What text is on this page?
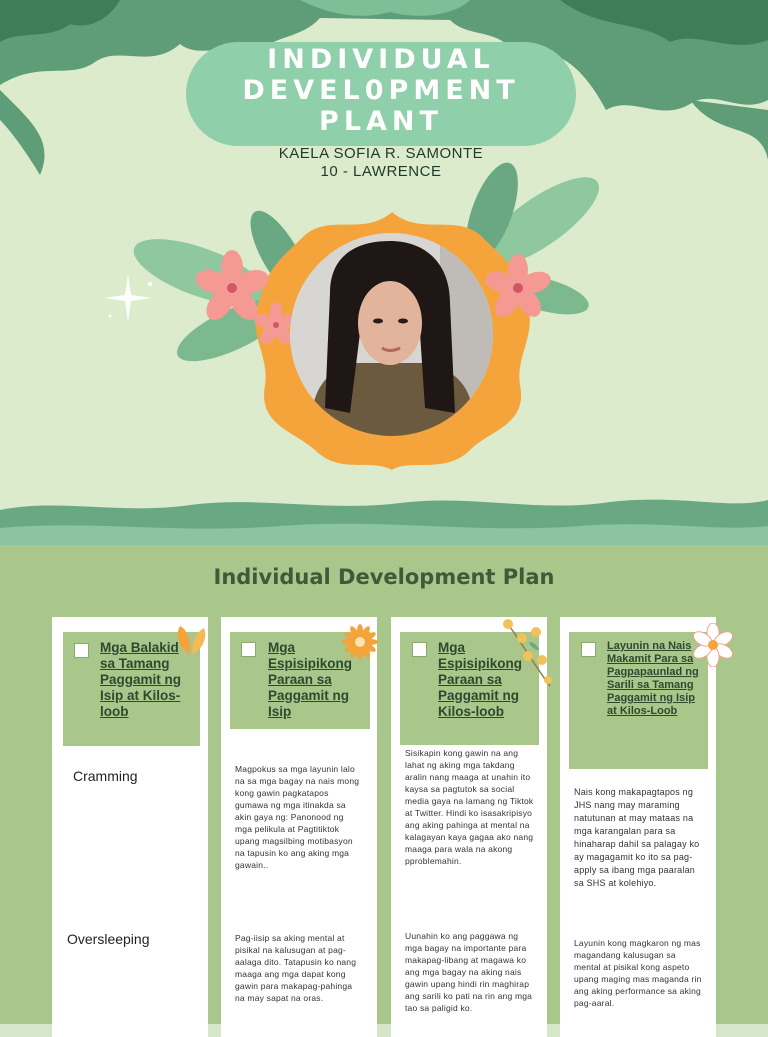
INDIVIDUAL
DEVEL0PMENT
PLANT
KAELA SOFIA R. SAMONTE
10 - LAWRENCE
Individual Development Plan
Mga Balakid sa Tamang Paggamit ng Isip at Kilos-loob
Cramming
Oversleeping
Mga Espisipikong Paraan sa Paggamit ng Isip
Magpokus sa mga layunin lalo na sa mga bagay na nais mong kong gawin pagkatapos gumawa ng mga itinakda sa akin gaya ng: Panonood ng mga pelikula at Pagtitiktok upang magsilbing motibasyon na tapusin ko ang aking mga gawain..
Pag-iisip sa aking mental at pisikal na kalusugan at pag-aalaga dito. Tatapusin ko nang maaga ang mga dapat kong gawin para makapag-pahinga na may sapat na oras.
Mga Espisipikong Paraan sa Paggamit ng Kilos-loob
Sisikapin kong gawin na ang lahat ng aking mga takdang aralin nang maaga at unahin ito kaysa sa pagtutok sa social media gaya na lamang ng Tiktok at Twitter. Hindi ko isasakripisyo ang aking pahinga at mental na kalagayan kaya gagaa ako nang maaga para wala na akong pproblemahin.
Uunahin ko ang paggawa ng mga bagay na importante para makapag-libang at magawa ko ang mga bagay na aking nais gawin upang hindi rin maghirap ang sarili ko pati na rin ang mga tao sa paligid ko.
Layunin na Nais Makamit Para sa Pagpapaunlad ng Sarili sa Tamang Paggamit ng Isip at Kilos-Loob
Nais kong makapagtapos ng JHS nang may maraming natutunan at may mataas na mga karangalan para sa hinaharap dahil sa palagay ko ay magagamit ko ito sa pag-apply sa ibang mga paaralan sa SHS at kolehiyo.
Layunin kong magkaron ng mas magandang kalusugan sa mental at pisikal kong aspeto upang maging mas maganda rin ang aking performance sa aking pag-aaral.
